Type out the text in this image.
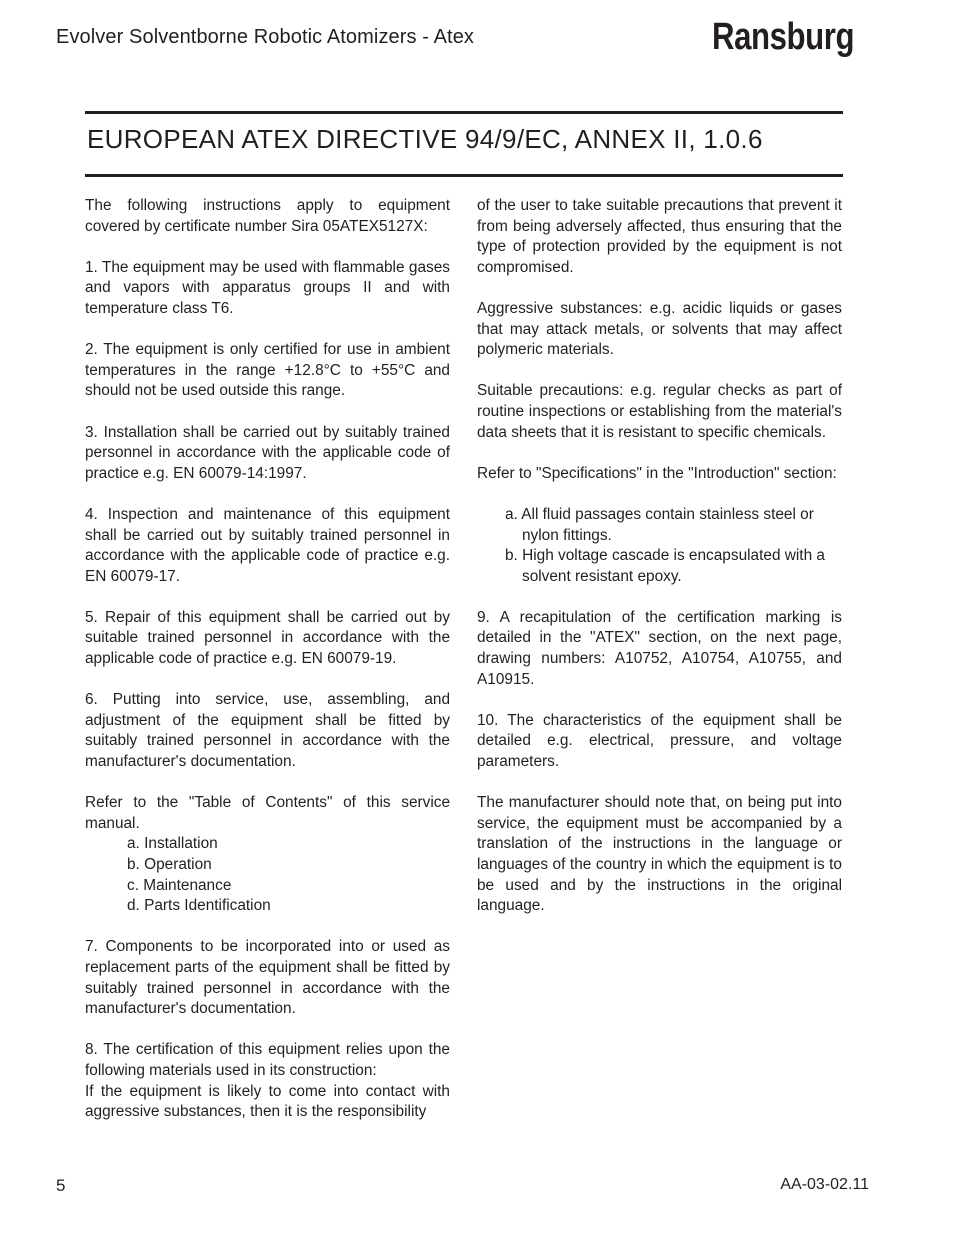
Evolver Solventborne Robotic Atomizers - Atex	Ransburg
EUROPEAN ATEX DIRECTIVE 94/9/EC, ANNEX II, 1.0.6

The following instructions apply to equipment covered by certificate number Sira 05ATEX5127X:

1. The equipment may be used with flammable gases and vapors with apparatus groups II and with temperature class T6.

2. The equipment is only certified for use in ambient temperatures in the range +12.8°C to +55°C and should not be used outside this range.

3. Installation shall be carried out by suitably trained personnel in accordance with the applicable code of practice e.g. EN 60079-14:1997.

4. Inspection and maintenance of this equipment shall be carried out by suitably trained personnel in accordance with the applicable code of practice e.g. EN 60079-17.

5. Repair of this equipment shall be carried out by suitable trained personnel in accordance with the applicable code of practice e.g. EN 60079-19.

6. Putting into service, use, assembling, and adjustment of the equipment shall be fitted by suitably trained personnel in accordance with the manufacturer's documentation.

Refer to the "Table of Contents" of this service manual.

a. Installation
b. Operation
c. Maintenance
d. Parts Identification

7. Components to be incorporated into or used as replacement parts of the equipment shall be fitted by suitably trained personnel in accordance with the manufacturer's documentation.

8. The certification of this equipment relies upon the following materials used in its construction:

If the equipment is likely to come into contact with aggressive substances, then it is the responsibility

of the user to take suitable precautions that prevent it from being adversely affected, thus ensuring that the type of protection provided by the equipment is not compromised.

Aggressive substances: e.g. acidic liquids or gases that may attack metals, or solvents that may affect polymeric materials.

Suitable precautions: e.g. regular checks as part of routine inspections or establishing from the material's data sheets that it is resistant to specific chemicals.

Refer to "Specifications" in the "Introduction" section:

a. All fluid passages contain stainless steel or nylon fittings.
b. High voltage cascade is encapsulated with a solvent resistant epoxy.

9. A recapitulation of the certification marking is detailed in the "ATEX" section, on the next page, drawing numbers: A10752, A10754, A10755, and A10915.

10. The characteristics of the equipment shall be detailed e.g. electrical, pressure, and voltage parameters.

The manufacturer should note that, on being put into service, the equipment must be accompanied by a translation of the instructions in the language or languages of the country in which the equipment is to be used and by the instructions in the original language.

5	AA-03-02.11
